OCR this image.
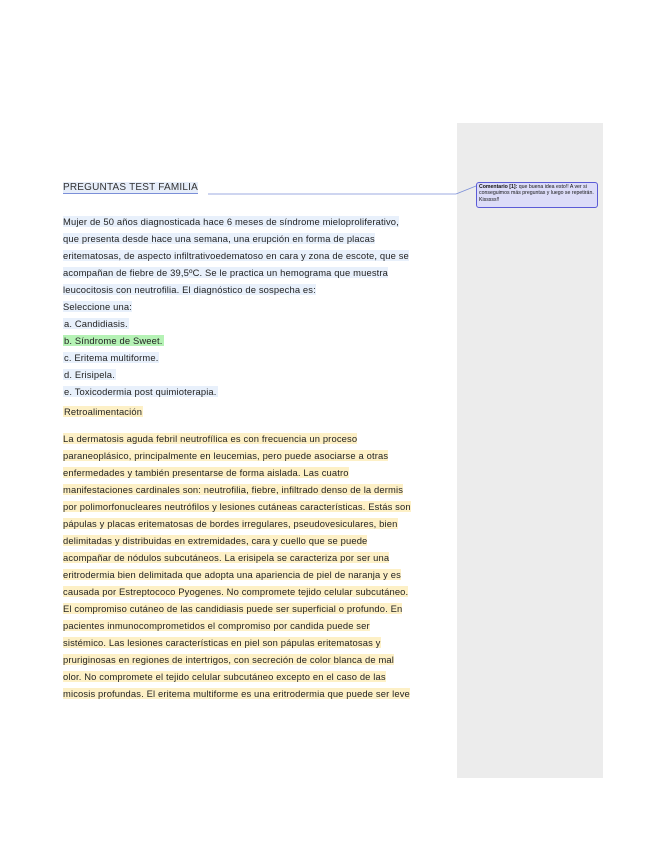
Comentario [1]: que buena idea esto!! A ver si conseguimos más preguntas y luego se repetirán. Kisssss!!
PREGUNTAS TEST FAMILIA
Mujer de 50 años diagnosticada hace 6 meses de síndrome mieloproliferativo,
que presenta desde hace una semana, una erupción en forma de placas
eritematosas, de aspecto infiltrativoedematoso en cara y zona de escote, que se
acompañan de fiebre de 39,5ºC. Se le practica un hemograma que muestra
leucocitosis con neutrofilia. El diagnóstico de sospecha es:
Seleccione una:
a. Candidiasis.
b. Síndrome de Sweet.
c. Eritema multiforme.
d. Erisipela.
e. Toxicodermia post quimioterapia.
Retroalimentación
La dermatosis aguda febril neutrofílica es con frecuencia un proceso
paraneoplásico, principalmente en leucemias, pero puede asociarse a otras
enfermedades y también presentarse de forma aislada. Las cuatro
manifestaciones cardinales son: neutrofilia, fiebre, infiltrado denso de la dermis
por polimorfonucleares neutrófilos y lesiones cutáneas características. Estás son
pápulas y placas eritematosas de bordes irregulares, pseudovesiculares, bien
delimitadas y distribuidas en extremidades, cara y cuello que se puede
acompañar de nódulos subcutáneos. La erisipela se caracteriza por ser una
eritrodermia bien delimitada que adopta una apariencia de piel de naranja y es
causada por Estreptococo Pyogenes. No compromete tejido celular subcutáneo.
El compromiso cutáneo de las candidiasis puede ser superficial o profundo. En
pacientes inmunocomprometidos el compromiso por candida puede ser
sistémico. Las lesiones características en piel son pápulas eritematosas y
pruriginosas en regiones de intertrigos, con secreción de color blanca de mal
olor. No compromete el tejido celular subcutáneo excepto en el caso de las
micosis profundas. El eritema multiforme es una eritrodermia que puede ser leve
